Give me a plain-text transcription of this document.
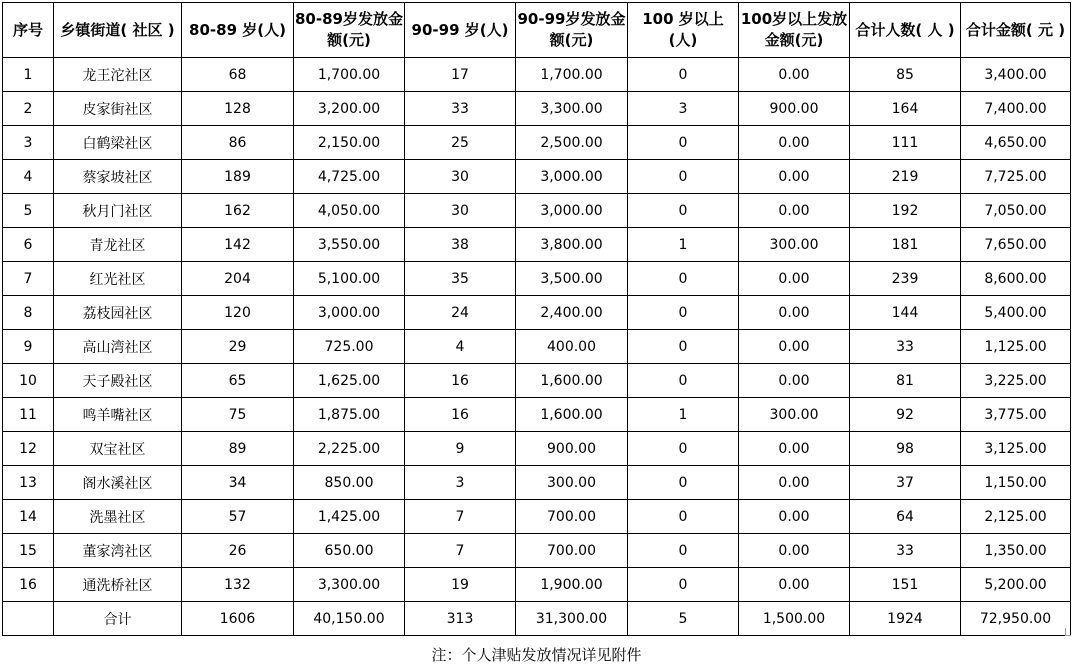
序号	乡镇街道( 社区 )	80-89 岁(人)	80-89岁发放金额(元)	90-99 岁(人)	90-99岁发放金额(元)	100 岁以上(人)	100岁以上发放金额(元)	合计人数( 人 )	合计金额( 元 )
1	龙王沱社区	68	1,700.00	17	1,700.00	0	0.00	85	3,400.00
2	皮家街社区	128	3,200.00	33	3,300.00	3	900.00	164	7,400.00
3	白鹤梁社区	86	2,150.00	25	2,500.00	0	0.00	111	4,650.00
4	蔡家坡社区	189	4,725.00	30	3,000.00	0	0.00	219	7,725.00
5	秋月门社区	162	4,050.00	30	3,000.00	0	0.00	192	7,050.00
6	青龙社区	142	3,550.00	38	3,800.00	1	300.00	181	7,650.00
7	红光社区	204	5,100.00	35	3,500.00	0	0.00	239	8,600.00
8	荔枝园社区	120	3,000.00	24	2,400.00	0	0.00	144	5,400.00
9	高山湾社区	29	725.00	4	400.00	0	0.00	33	1,125.00
10	天子殿社区	65	1,625.00	16	1,600.00	0	0.00	81	3,225.00
11	鸣羊嘴社区	75	1,875.00	16	1,600.00	1	300.00	92	3,775.00
12	双宝社区	89	2,225.00	9	900.00	0	0.00	98	3,125.00
13	阁水溪社区	34	850.00	3	300.00	0	0.00	37	1,150.00
14	洗墨社区	57	1,425.00	7	700.00	0	0.00	64	2,125.00
15	董家湾社区	26	650.00	7	700.00	0	0.00	33	1,350.00
16	通洗桥社区	132	3,300.00	19	1,900.00	0	0.00	151	5,200.00
	合计	1606	40,150.00	313	31,300.00	5	1,500.00	1924	72,950.00
注：个人津贴发放情况详见附件
